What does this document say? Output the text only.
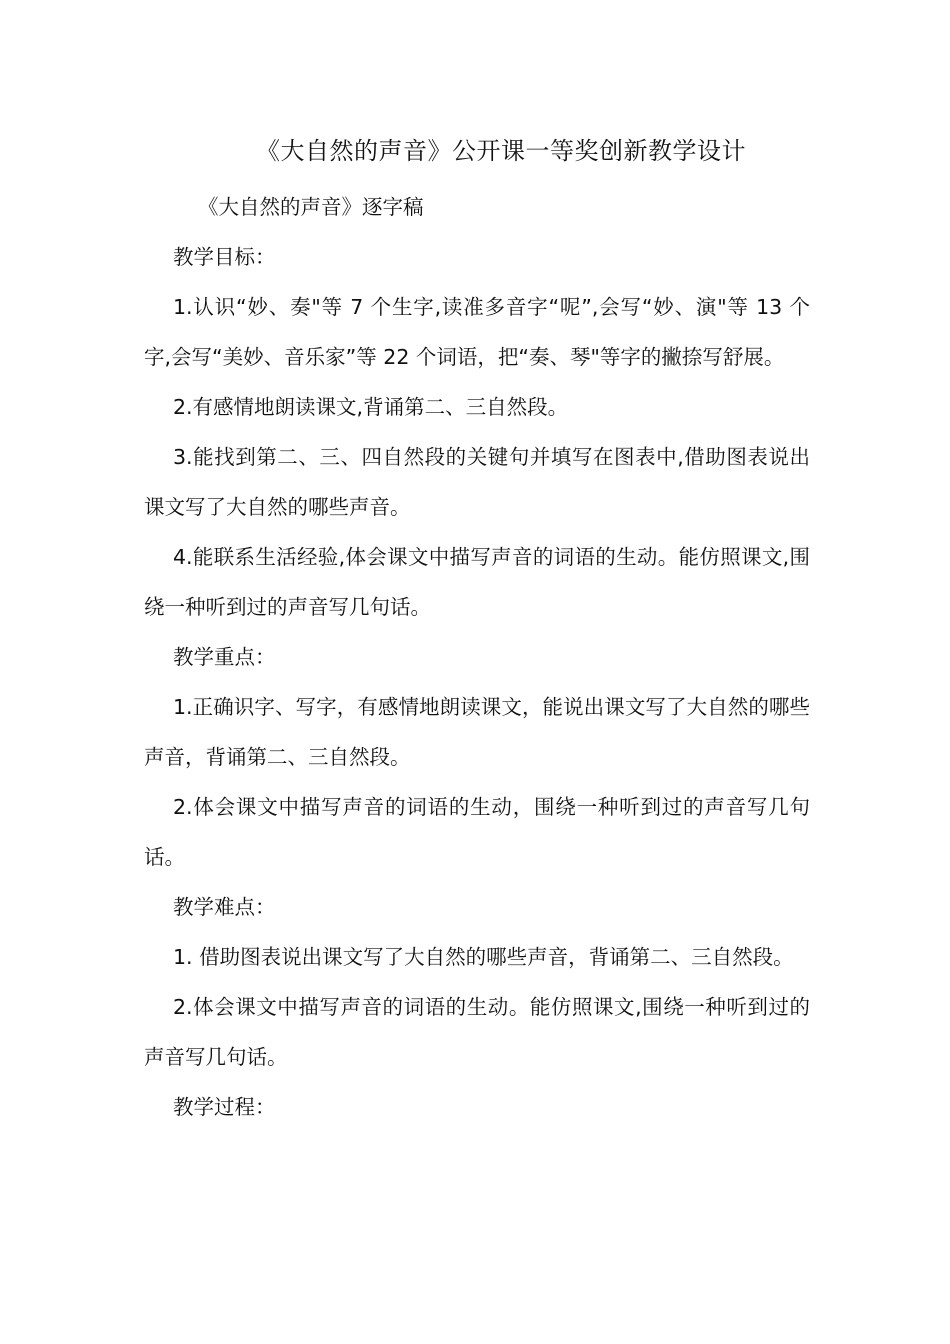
《大自然的声音》公开课一等奖创新教学设计

《大自然的声音》逐字稿

教学目标：

1.认识“妙、奏"等 7 个生字,读准多音字“呢”,会写“妙、演"等 13 个字,会写“美妙、音乐家”等 22 个词语，把“奏、琴"等字的撇捺写舒展。

2.有感情地朗读课文,背诵第二、三自然段。

3.能找到第二、三、四自然段的关键句并填写在图表中,借助图表说出课文写了大自然的哪些声音。

4.能联系生活经验,体会课文中描写声音的词语的生动。能仿照课文,围绕一种听到过的声音写几句话。

教学重点：

1.正确识字、写字，有感情地朗读课文，能说出课文写了大自然的哪些声音，背诵第二、三自然段。

2.体会课文中描写声音的词语的生动，围绕一种听到过的声音写几句话。

教学难点：

1. 借助图表说出课文写了大自然的哪些声音，背诵第二、三自然段。

2.体会课文中描写声音的词语的生动。能仿照课文,围绕一种听到过的声音写几句话。

教学过程：
